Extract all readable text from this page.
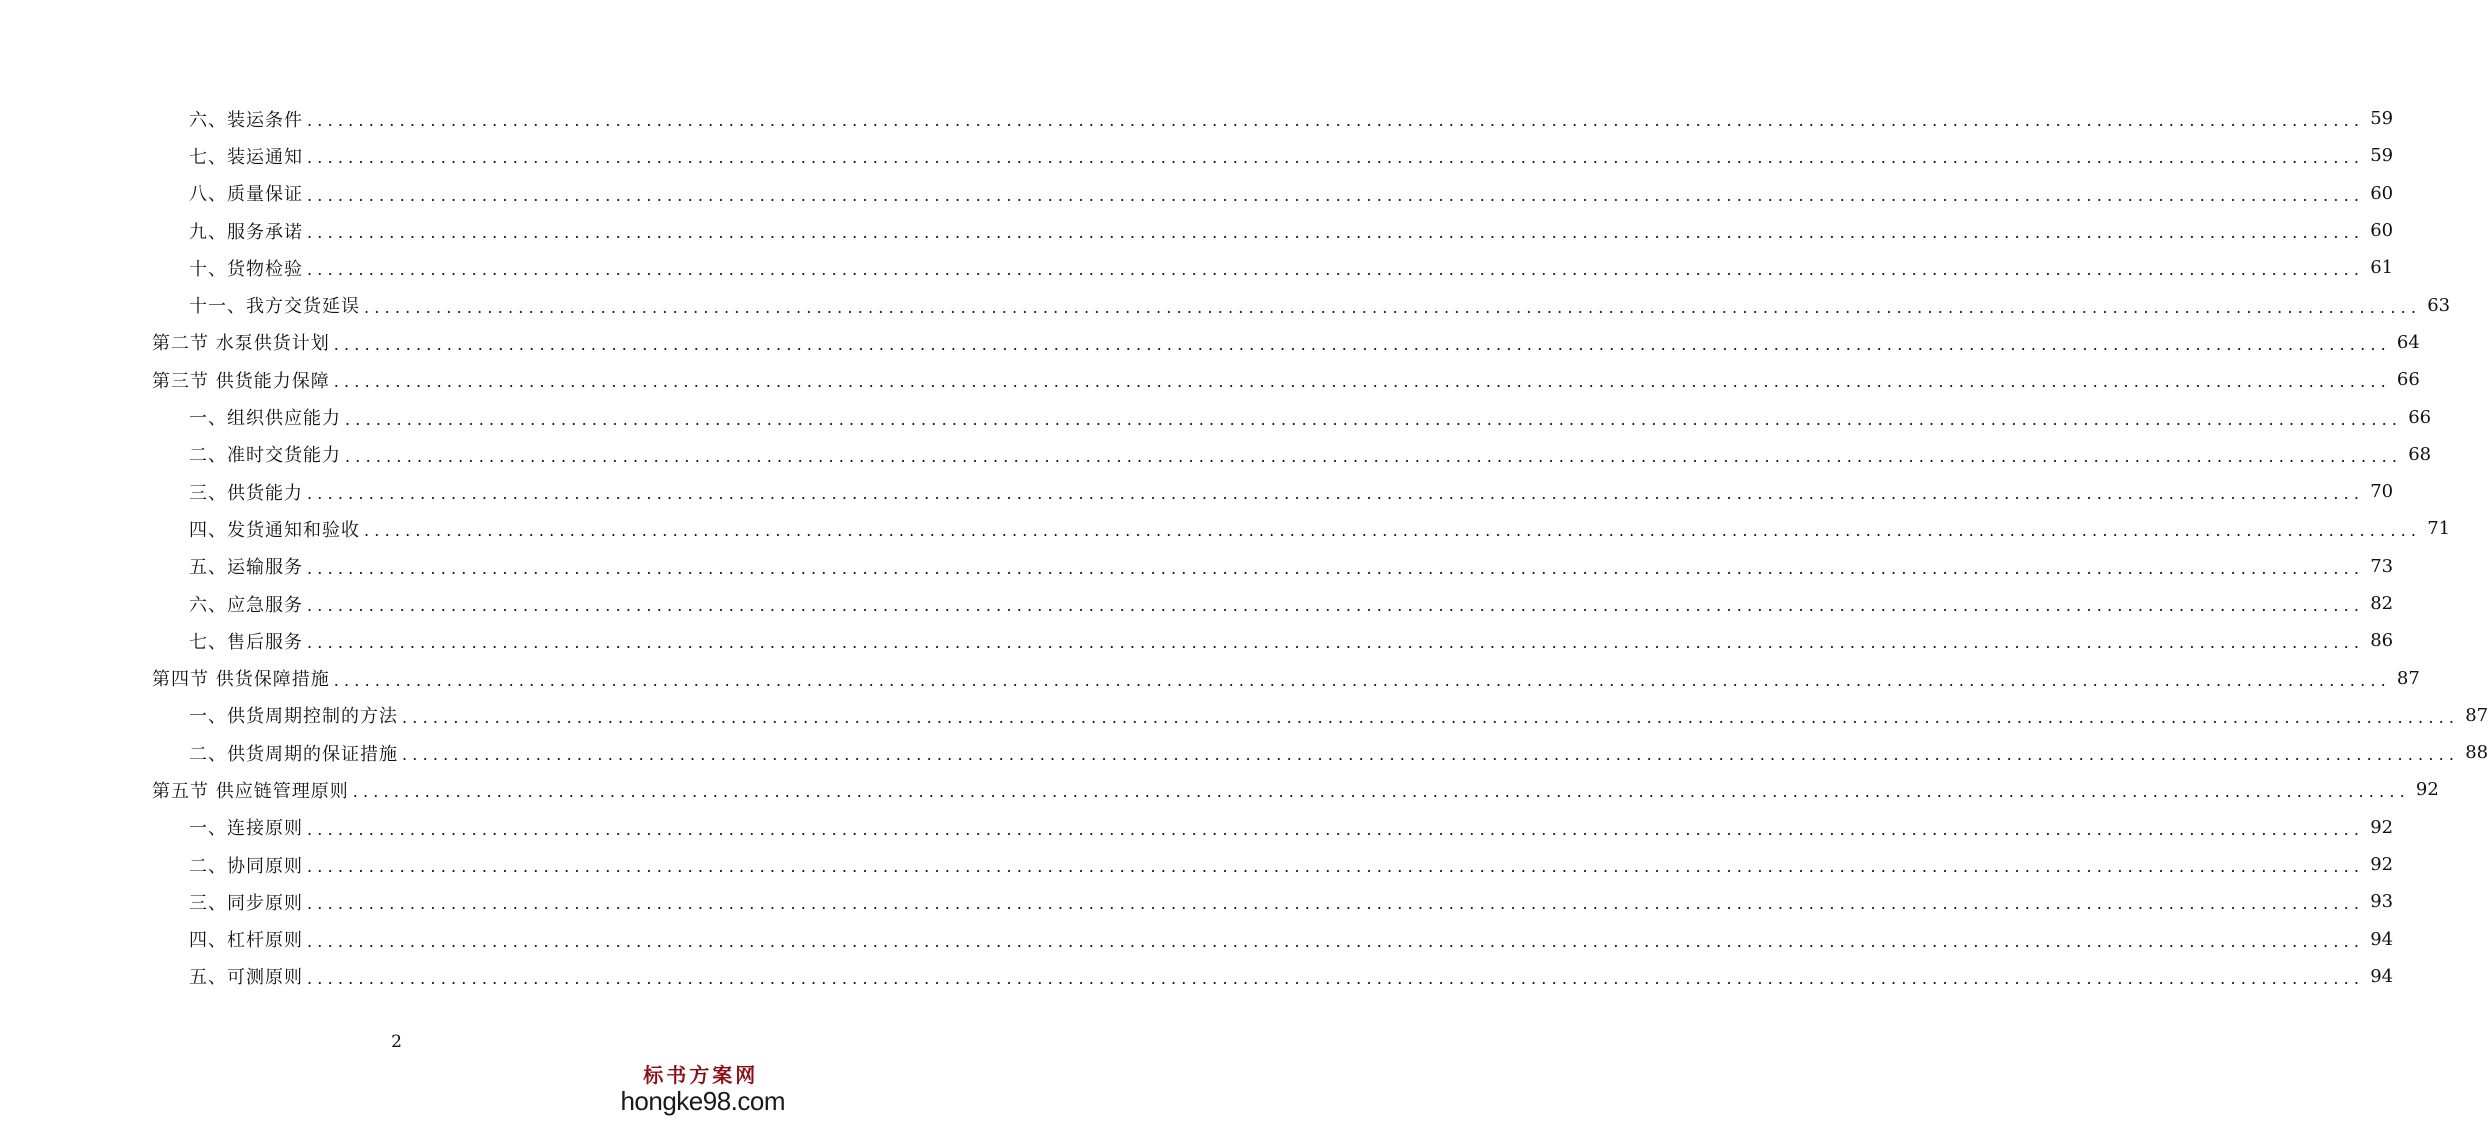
六、装运条件 ........................................................................................................................................................................................................ 59
七、装运通知 ........................................................................................................................................................................................................ 59
八、质量保证 ........................................................................................................................................................................................................ 60
九、服务承诺 ........................................................................................................................................................................................................ 60
十、货物检验 ........................................................................................................................................................................................................ 61
十一、我方交货延误 ........................................................................................................................................................................................................ 63
第二节 水泵供货计划 ........................................................................................................................................................................................................ 64
第三节 供货能力保障 ........................................................................................................................................................................................................ 66
一、组织供应能力 ........................................................................................................................................................................................................ 66
二、准时交货能力 ........................................................................................................................................................................................................ 68
三、供货能力 ........................................................................................................................................................................................................ 70
四、发货通知和验收 ........................................................................................................................................................................................................ 71
五、运输服务 ........................................................................................................................................................................................................ 73
六、应急服务 ........................................................................................................................................................................................................ 82
七、售后服务 ........................................................................................................................................................................................................ 86
第四节 供货保障措施 ........................................................................................................................................................................................................ 87
一、供货周期控制的方法 ........................................................................................................................................................................................................ 87
二、供货周期的保证措施 ........................................................................................................................................................................................................ 88
第五节 供应链管理原则 ........................................................................................................................................................................................................ 92
一、连接原则 ........................................................................................................................................................................................................ 92
二、协同原则 ........................................................................................................................................................................................................ 92
三、同步原则 ........................................................................................................................................................................................................ 93
四、杠杆原则 ........................................................................................................................................................................................................ 94
五、可测原则 ........................................................................................................................................................................................................ 94
2
标书方案网
hongke98.com
